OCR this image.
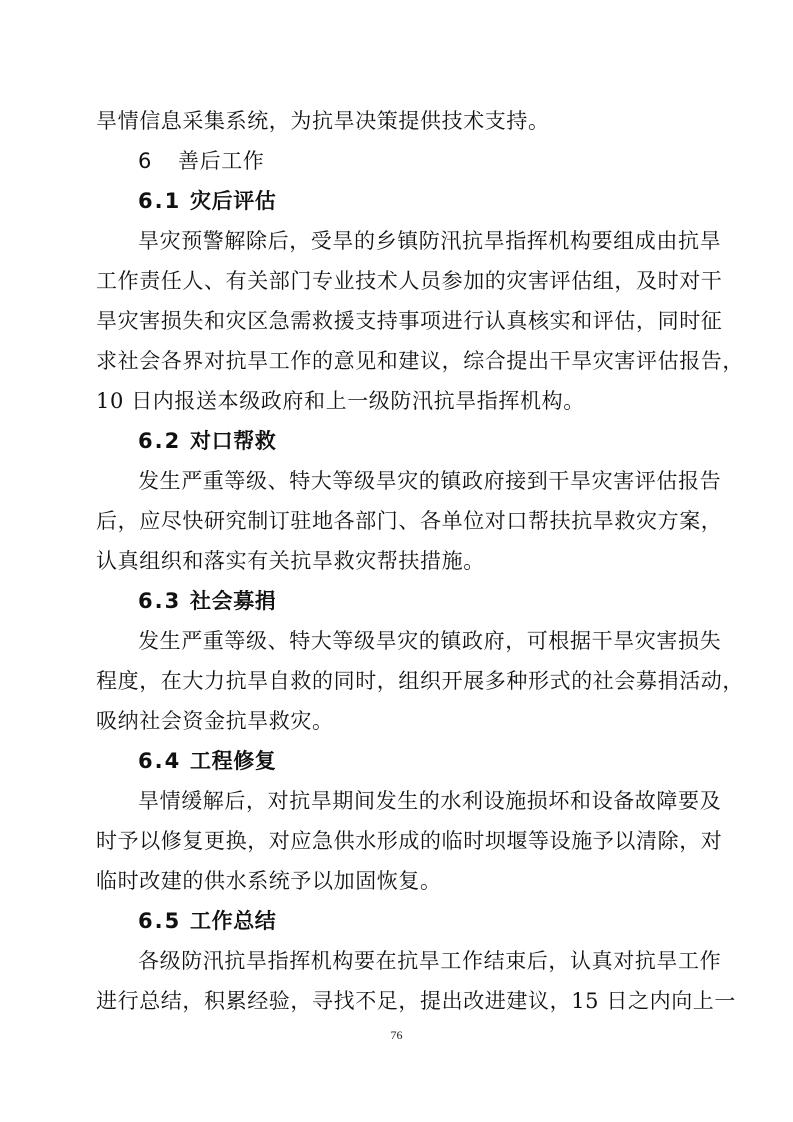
旱情信息采集系统，为抗旱决策提供技术支持。
6 善后工作
6.1 灾后评估
旱灾预警解除后，受旱的乡镇防汛抗旱指挥机构要组成由抗旱
工作责任人、有关部门专业技术人员参加的灾害评估组，及时对干
旱灾害损失和灾区急需救援支持事项进行认真核实和评估，同时征
求社会各界对抗旱工作的意见和建议，综合提出干旱灾害评估报告，
10 日内报送本级政府和上一级防汛抗旱指挥机构。
6.2 对口帮救
发生严重等级、特大等级旱灾的镇政府接到干旱灾害评估报告
后，应尽快研究制订驻地各部门、各单位对口帮扶抗旱救灾方案，
认真组织和落实有关抗旱救灾帮扶措施。
6.3 社会募捐
发生严重等级、特大等级旱灾的镇政府，可根据干旱灾害损失
程度，在大力抗旱自救的同时，组织开展多种形式的社会募捐活动，
吸纳社会资金抗旱救灾。
6.4 工程修复
旱情缓解后，对抗旱期间发生的水利设施损坏和设备故障要及
时予以修复更换，对应急供水形成的临时坝堰等设施予以清除，对
临时改建的供水系统予以加固恢复。
6.5 工作总结
各级防汛抗旱指挥机构要在抗旱工作结束后，认真对抗旱工作
进行总结，积累经验，寻找不足，提出改进建议，15 日之内向上一
76
